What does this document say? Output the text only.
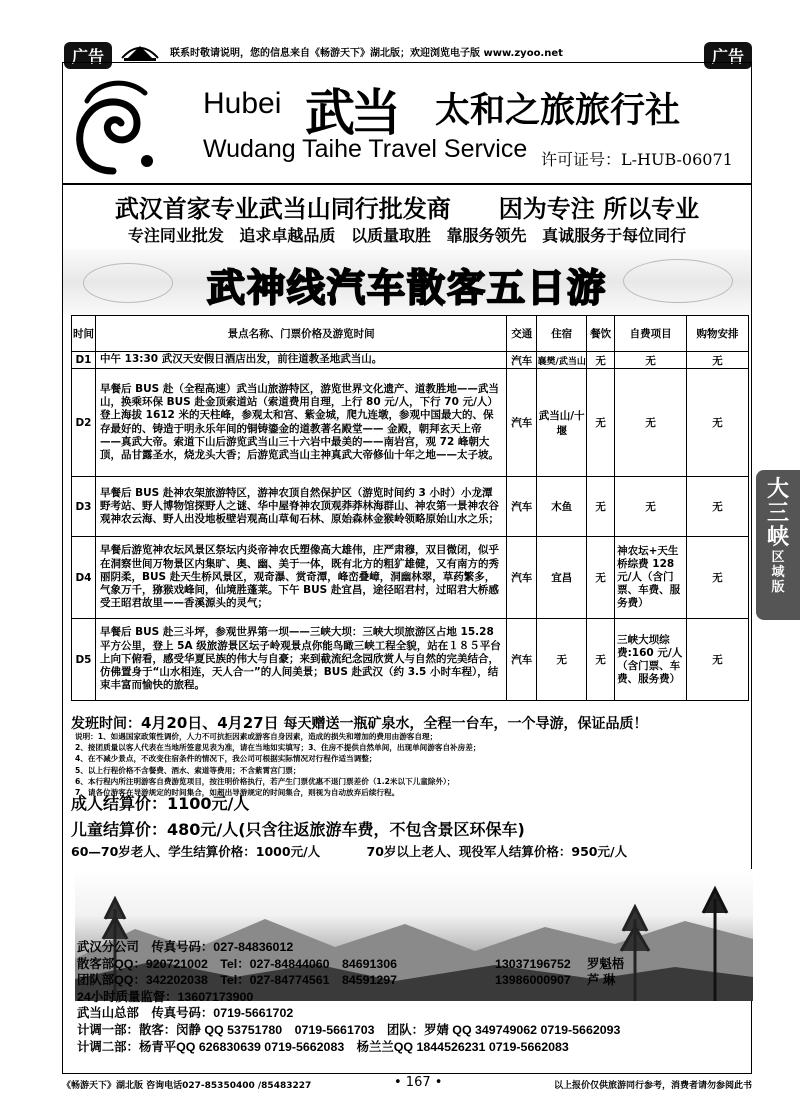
广告	广告
联系时敬请说明，您的信息来自《畅游天下》湖北版；欢迎浏览电子版 www.zyoo.net
Hubei 武当 太和之旅旅行社
Wudang Taihe Travel Service 许可证号：L-HUB-06071
武汉首家专业武当山同行批发商　　因为专注 所以专业
专注同业批发 追求卓越品质 以质量取胜 靠服务领先 真诚服务于每位同行
武神线汽车散客五日游
时间	景点名称、门票价格及游览时间	交通	住宿	餐饮	自费项目	购物安排
D1	中午 13:30 武汉天安假日酒店出发，前往道教圣地武当山。	汽车	襄樊/武当山	无	无	无
D2	早餐后 BUS 赴（全程高速）武当山旅游特区，游览世界文化遗产、道教胜地——武当山，换乘环保 BUS 赴金顶索道站（索道费用自理，上行 80 元/人，下行 70 元/人）登上海拔 1612 米的天柱峰，参观太和宫、紫金城，爬九连墩，参观中国最大的、保存最好的、铸造于明永乐年间的铜铸鎏金的道教著名殿堂—— 金殿，朝拜玄天上帝——真武大帝。索道下山后游览武当山三十六岩中最美的——南岩宫，观 72 峰朝大顶，品甘露圣水，烧龙头大香；后游览武当山主神真武大帝修仙十年之地——太子坡。	汽车	武当山/十堰	无	无	无
D3	早餐后 BUS 赴神农架旅游特区，游神农顶自然保护区（游览时间约 3 小时）小龙潭野考站、野人博物馆探野人之谜、华中屋脊神农顶观莽莽林海群山、神农第一景神农谷观神农云海、野人出没地板壁岩观高山草甸石林、原始森林金猴岭领略原始山水之乐；	汽车	木鱼	无	无	无
D4	早餐后游览神农坛风景区祭坛内炎帝神农氏塑像高大雄伟，庄严肃穆，双目微闭，似乎在洞察世间万物景区内集旷、奥、幽、美于一体，既有北方的粗犷雄健，又有南方的秀丽阴柔，BUS 赴天生桥风景区，观奇瀑、赏奇潭，峰峦叠嶂，洞幽林翠，草药繁多，气象万千，猕猴戏峰间，仙境胜蓬莱。下午 BUS 赴宜昌，途径昭君村，过昭君大桥感受王昭君故里——香溪源头的灵气；	汽车	宜昌	无	神农坛+天生桥综费 128 元/人（含门票、车费、服务费）	无
D5	早餐后 BUS 赴三斗坪，参观世界第一坝——三峡大坝：三峡大坝旅游区占地 15.28 平方公里，登上 5A 级旅游景区坛子岭观景点你能鸟瞰三峡工程全貌，站在１８５平台上向下俯看，感受华夏民族的伟大与自豪；来到截流纪念园欣赏人与自然的完美结合，仿佛置身于“山水相连，天人合一”的人间美景；BUS 赴武汉（约 3.5 小时车程），结束丰富而愉快的旅程。	汽车	无	无	三峡大坝综费:160 元/人（含门票、车费、服务费）	无
发班时间：4月20日、4月27日 每天赠送一瓶矿泉水，全程一台车，一个导游，保证品质！
说明：1、如遇国家政策性调价，人力不可抗拒因素或游客自身因素，造成的损失和增加的费用由游客自理；
2、接团质量以客人代表在当地所签意见表为准，请在当地如实填写；3、住房不提供自然单间，出现单间游客自补房差；
4、在不减少景点，不改变住宿条件的情况下，我公司可根据实际情况对行程作适当调整；
5、以上行程价格不含餐费、酒水、索道等费用；不含紫霄宫门票；
6、本行程内所注明游客自费游览项目，按注明价格执行，若产生门票优惠不退门票差价（1.2米以下儿童除外）；
7、请各位游客在导游规定的时间集合，如超出导游规定的时间集合，则视为自动放弃后续行程。
成人结算价：1100元/人
儿童结算价：480元/人(只含往返旅游车费，不包含景区环保车)
60—70岁老人、学生结算价格：1000元/人	70岁以上老人、现役军人结算价格：950元/人
武汉分公司　传真号码：027-84836012
散客部QQ：920721002　Tel：027-84844060　84691306	13037196752 罗魁梧
团队部QQ：342202038　Tel：027-84774561　84591297	13986000907 芦 琳
24小时质量监督：13607173900
武当山总部　传真号码：0719-5661702
计调一部：散客：闵静 QQ 53751780　0719-5661703　团队：罗婧 QQ 349749062 0719-5662093
计调二部：杨青平QQ 626830639 0719-5662083　杨兰兰QQ 1844526231 0719-5662083
《畅游天下》湖北版 咨询电话027-85350400 /85483227	• 167 •	以上报价仅供旅游同行参考，消费者请勿参阅此书
大
三
峡
区
域
版
